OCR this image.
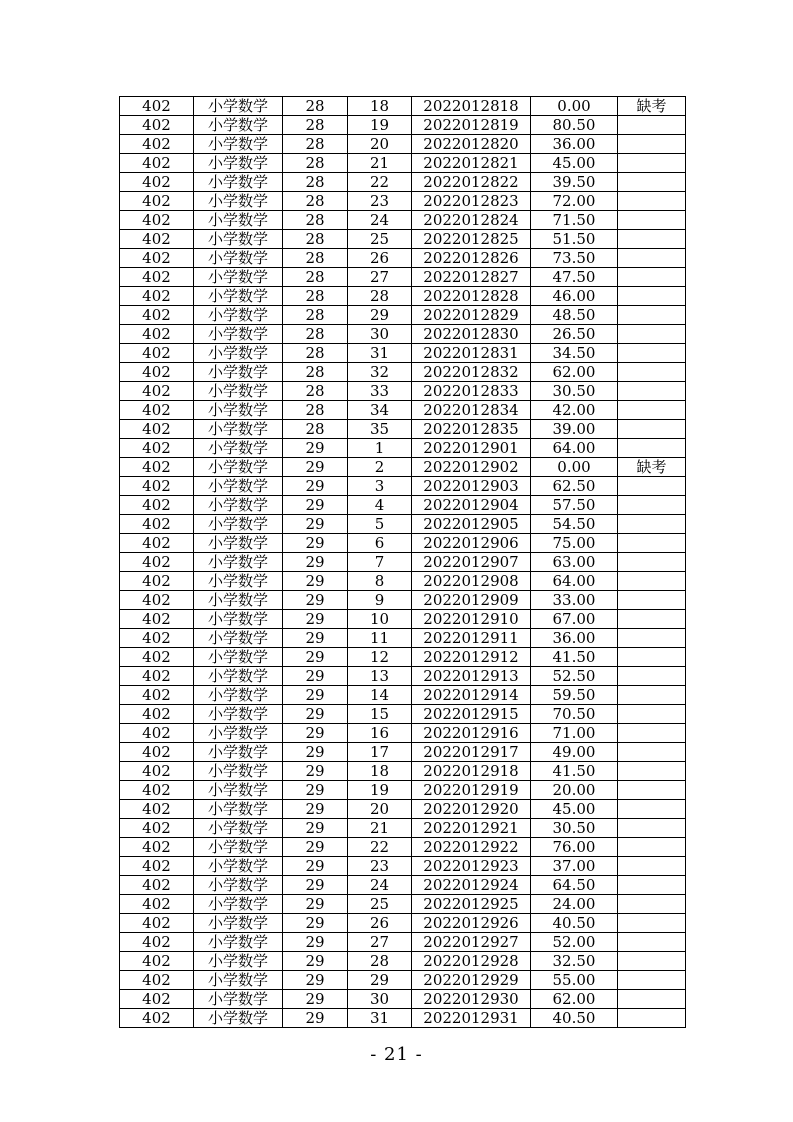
402	小学数学	28	18	2022012818	0.00	缺考
402	小学数学	28	19	2022012819	80.50	
402	小学数学	28	20	2022012820	36.00	
402	小学数学	28	21	2022012821	45.00	
402	小学数学	28	22	2022012822	39.50	
402	小学数学	28	23	2022012823	72.00	
402	小学数学	28	24	2022012824	71.50	
402	小学数学	28	25	2022012825	51.50	
402	小学数学	28	26	2022012826	73.50	
402	小学数学	28	27	2022012827	47.50	
402	小学数学	28	28	2022012828	46.00	
402	小学数学	28	29	2022012829	48.50	
402	小学数学	28	30	2022012830	26.50	
402	小学数学	28	31	2022012831	34.50	
402	小学数学	28	32	2022012832	62.00	
402	小学数学	28	33	2022012833	30.50	
402	小学数学	28	34	2022012834	42.00	
402	小学数学	28	35	2022012835	39.00	
402	小学数学	29	1	2022012901	64.00	
402	小学数学	29	2	2022012902	0.00	缺考
402	小学数学	29	3	2022012903	62.50	
402	小学数学	29	4	2022012904	57.50	
402	小学数学	29	5	2022012905	54.50	
402	小学数学	29	6	2022012906	75.00	
402	小学数学	29	7	2022012907	63.00	
402	小学数学	29	8	2022012908	64.00	
402	小学数学	29	9	2022012909	33.00	
402	小学数学	29	10	2022012910	67.00	
402	小学数学	29	11	2022012911	36.00	
402	小学数学	29	12	2022012912	41.50	
402	小学数学	29	13	2022012913	52.50	
402	小学数学	29	14	2022012914	59.50	
402	小学数学	29	15	2022012915	70.50	
402	小学数学	29	16	2022012916	71.00	
402	小学数学	29	17	2022012917	49.00	
402	小学数学	29	18	2022012918	41.50	
402	小学数学	29	19	2022012919	20.00	
402	小学数学	29	20	2022012920	45.00	
402	小学数学	29	21	2022012921	30.50	
402	小学数学	29	22	2022012922	76.00	
402	小学数学	29	23	2022012923	37.00	
402	小学数学	29	24	2022012924	64.50	
402	小学数学	29	25	2022012925	24.00	
402	小学数学	29	26	2022012926	40.50	
402	小学数学	29	27	2022012927	52.00	
402	小学数学	29	28	2022012928	32.50	
402	小学数学	29	29	2022012929	55.00	
402	小学数学	29	30	2022012930	62.00	
402	小学数学	29	31	2022012931	40.50	
- 21 -
